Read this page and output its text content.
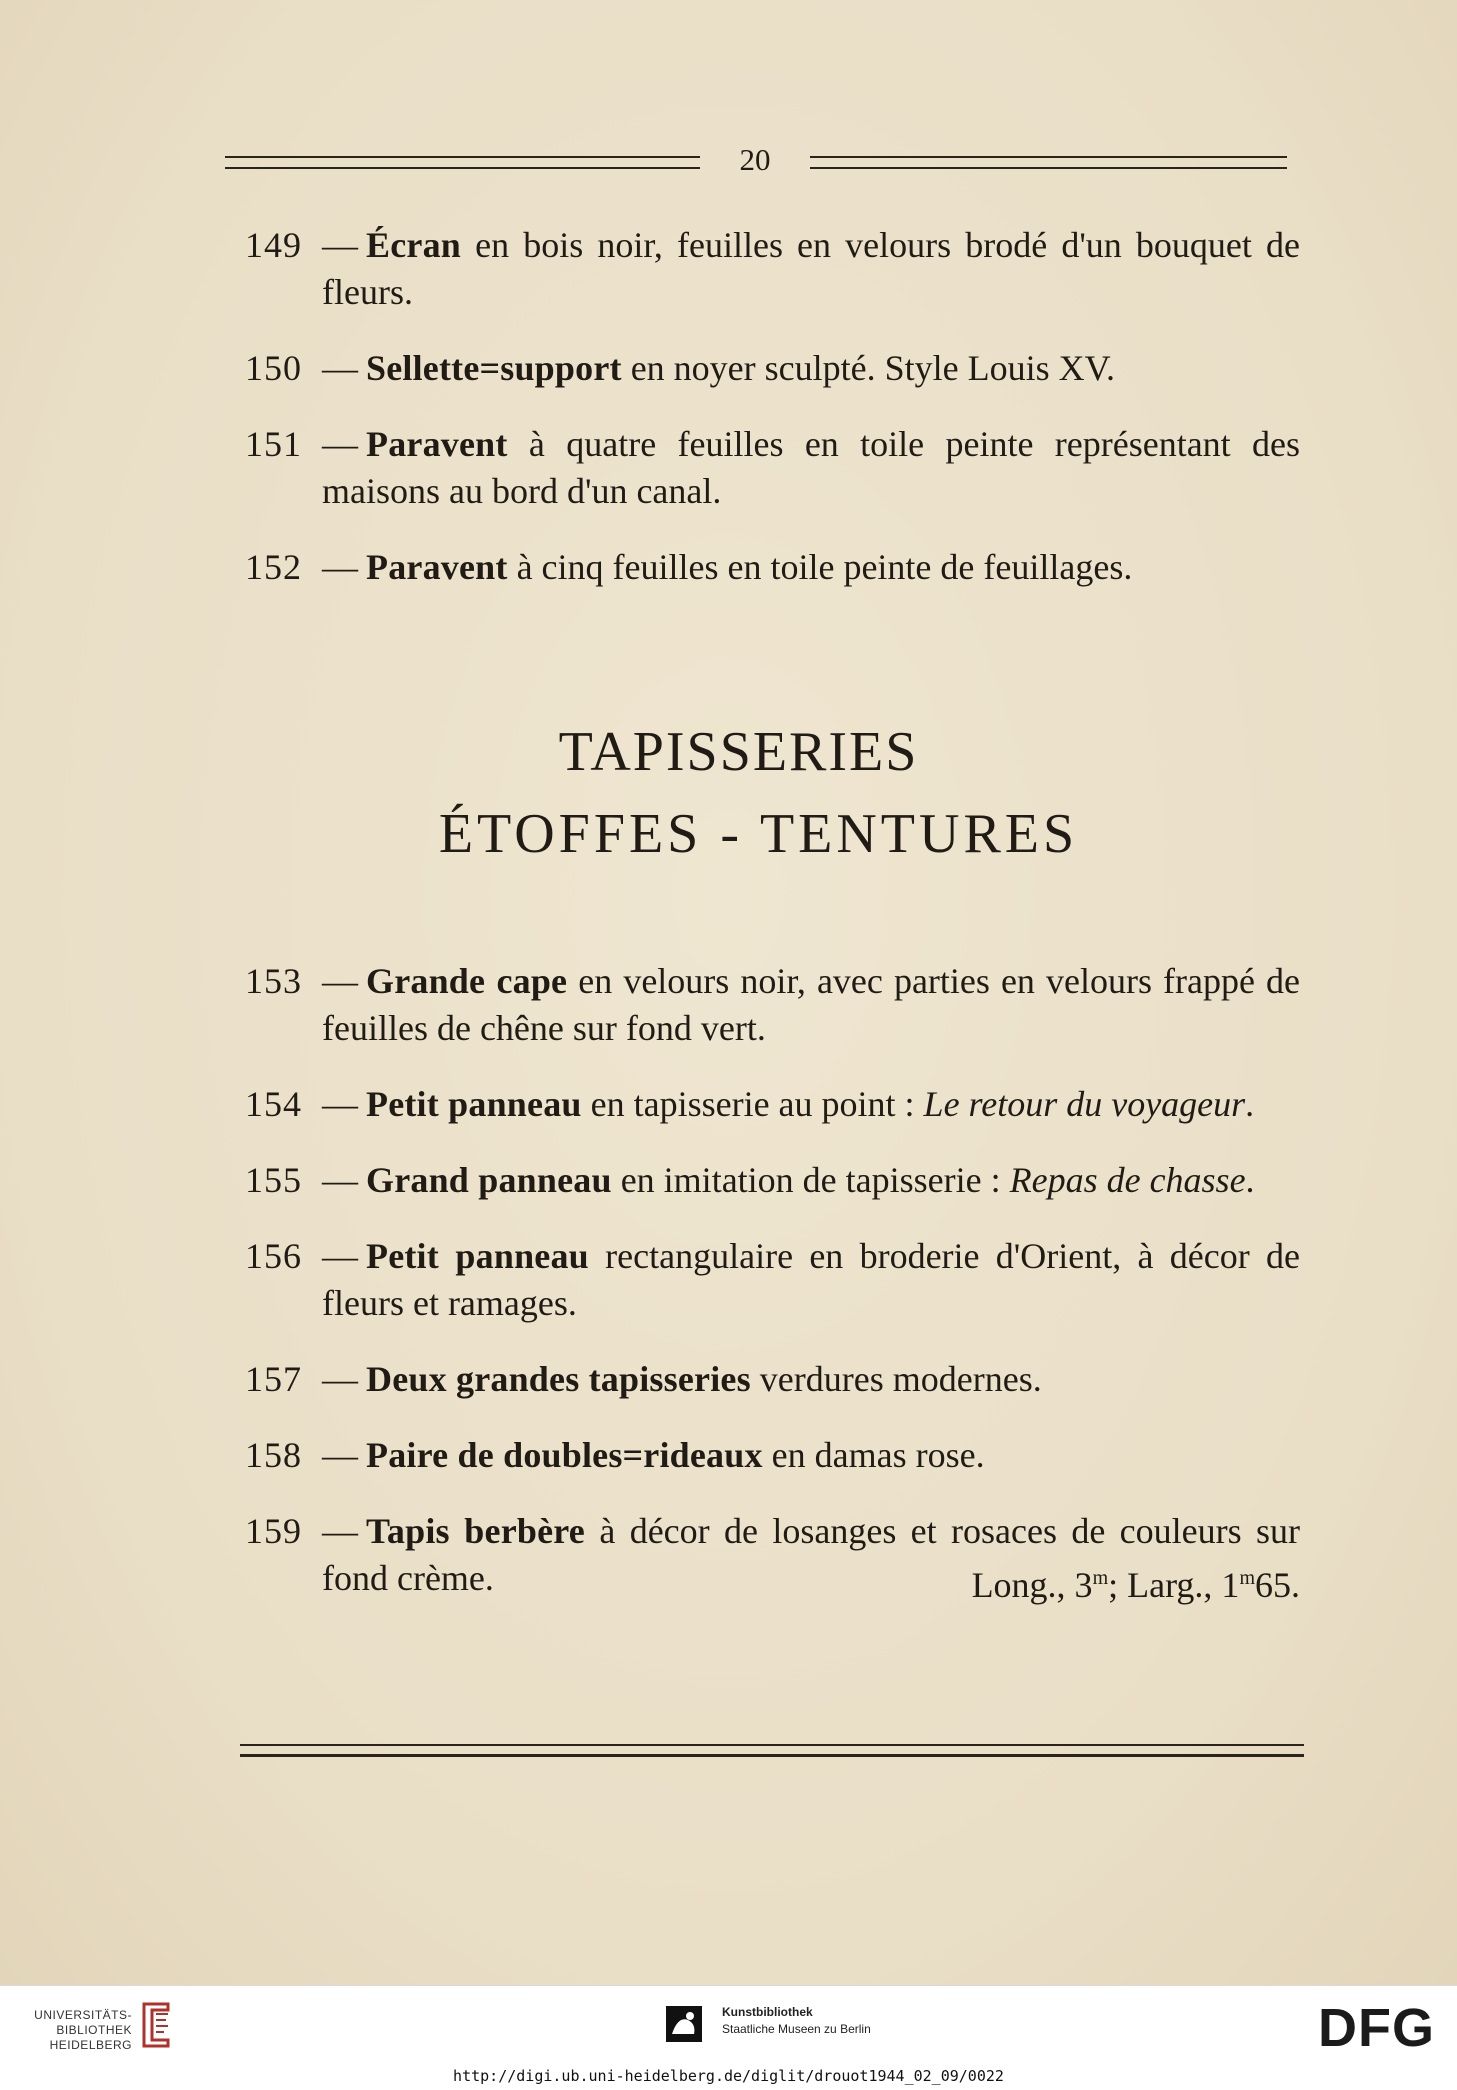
20
149 — Écran en bois noir, feuilles en velours brodé d'un bouquet de fleurs.
150 — Sellette=support en noyer sculpté. Style Louis XV.
151 — Paravent à quatre feuilles en toile peinte représentant des maisons au bord d'un canal.
152 — Paravent à cinq feuilles en toile peinte de feuillages.
TAPISSERIES
ÉTOFFES - TENTURES
153 — Grande cape en velours noir, avec parties en velours frappé de feuilles de chêne sur fond vert.
154 — Petit panneau en tapisserie au point : Le retour du voyageur.
155 — Grand panneau en imitation de tapisserie : Repas de chasse.
156 — Petit panneau rectangulaire en broderie d'Orient, à décor de fleurs et ramages.
157 — Deux grandes tapisseries verdures modernes.
158 — Paire de doubles=rideaux en damas rose.
159 — Tapis berbère à décor de losanges et rosaces de couleurs sur fond crème.	Long., 3$^m$; Larg., 1$^m$65.
UNIVERSITÄTS-
BIBLIOTHEK
HEIDELBERG
Kunstbibliothek
Staatliche Museen zu Berlin	DFG
http://digi.ub.uni-heidelberg.de/diglit/drouot1944_02_09/0022
